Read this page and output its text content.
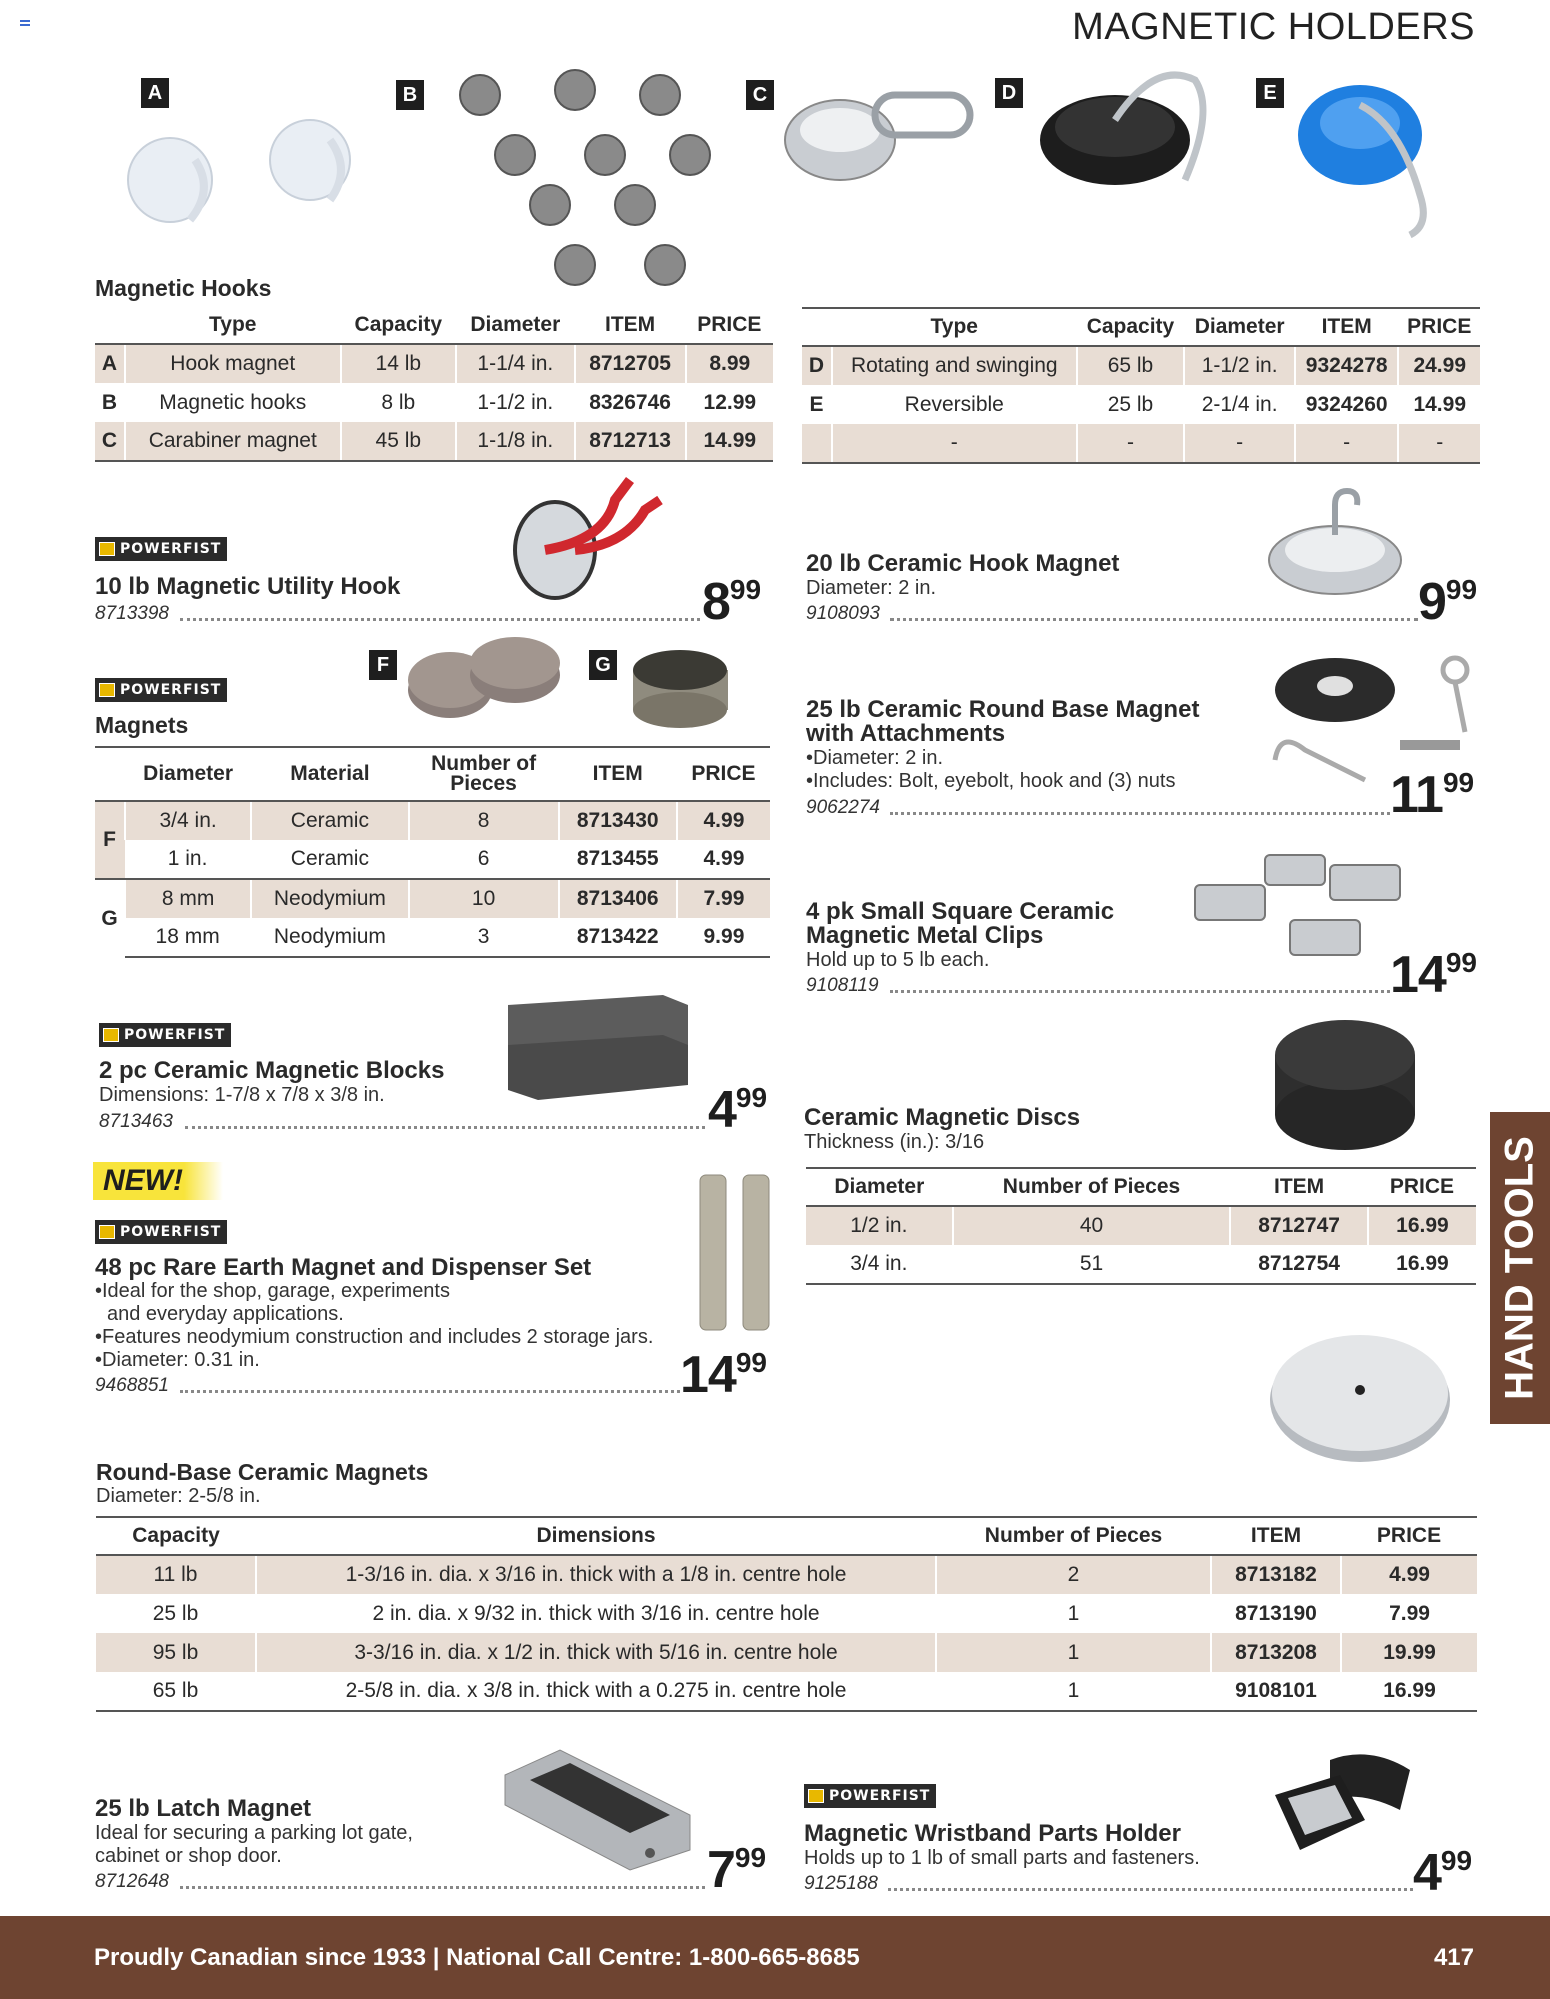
MAGNETIC HOLDERS
A	B	C	D	E
Magnetic Hooks
	Type	Capacity	Diameter	ITEM	PRICE
A	Hook magnet	14 lb	1-1/4 in.	8712705	8.99
B	Magnetic hooks	8 lb	1-1/2 in.	8326746	12.99
C	Carabiner magnet	45 lb	1-1/8 in.	8712713	14.99
	Type	Capacity	Diameter	ITEM	PRICE
D	Rotating and swinging	65 lb	1-1/2 in.	9324278	24.99
E	Reversible	25 lb	2-1/4 in.	9324260	14.99
	-	-	-	-	-
POWERFIST
10 lb Magnetic Utility Hook
8713398	$8^{99}$
20 lb Ceramic Hook Magnet
Diameter: 2 in.
9108093	$9^{99}$
POWERFIST
Magnets
F	G
	Diameter	Material	Number of Pieces	ITEM	PRICE
F	3/4 in.	Ceramic	8	8713430	4.99
	1 in.	Ceramic	6	8713455	4.99
G	8 mm	Neodymium	10	8713406	7.99
	18 mm	Neodymium	3	8713422	9.99
25 lb Ceramic Round Base Magnet
with Attachments
•Diameter: 2 in.
•Includes: Bolt, eyebolt, hook and (3) nuts
9062274	$11^{99}$
4 pk Small Square Ceramic
Magnetic Metal Clips
Hold up to 5 lb each.
9108119	$14^{99}$
POWERFIST
2 pc Ceramic Magnetic Blocks
Dimensions: 1-7/8 x 7/8 x 3/8 in.
8713463	$4^{99}$
Ceramic Magnetic Discs
Thickness (in.): 3/16
Diameter	Number of Pieces	ITEM	PRICE
1/2 in.	40	8712747	16.99
3/4 in.	51	8712754	16.99
NEW!
POWERFIST
48 pc Rare Earth Magnet and Dispenser Set
•Ideal for the shop, garage, experiments
and everyday applications.
•Features neodymium construction and includes 2 storage jars.
•Diameter: 0.31 in.
9468851	$14^{99}$	HAND TOOLS
Round-Base Ceramic Magnets
Diameter: 2-5/8 in.
Capacity	Dimensions	Number of Pieces	ITEM	PRICE
11 lb	1-3/16 in. dia. x 3/16 in. thick with a 1/8 in. centre hole	2	8713182	4.99
25 lb	2 in. dia. x 9/32 in. thick with 3/16 in. centre hole	1	8713190	7.99
95 lb	3-3/16 in. dia. x 1/2 in. thick with 5/16 in. centre hole	1	8713208	19.99
65 lb	2-5/8 in. dia. x 3/8 in. thick with a 0.275 in. centre hole	1	9108101	16.99
25 lb Latch Magnet
Ideal for securing a parking lot gate,
cabinet or shop door.
8712648	$7^{99}$
POWERFIST
Magnetic Wristband Parts Holder
Holds up to 1 lb of small parts and fasteners.
9125188	$4^{99}$
Proudly Canadian since 1933 | National Call Centre: 1-800-665-8685	417
